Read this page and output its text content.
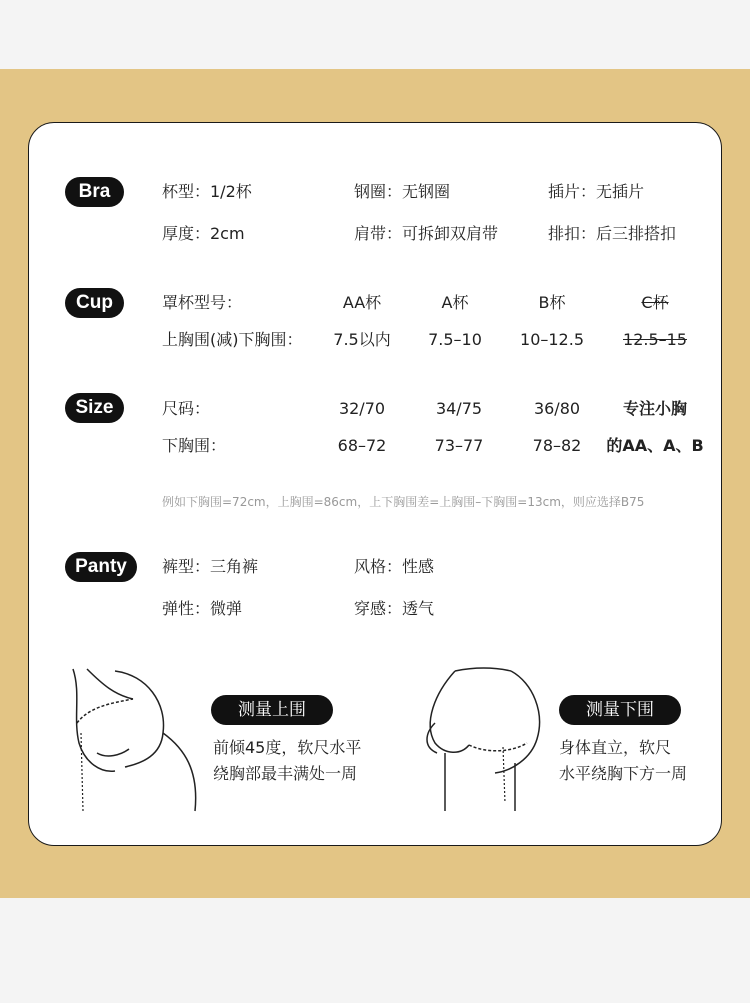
Bra	杯型：1/2杯	钢圈：无钢圈	插片：无插片
厚度：2cm	肩带：可拆卸双肩带	排扣：后三排搭扣
Cup	罩杯型号：	AA杯	A杯	B杯	C杯
上胸围(减)下胸围： 7.5以内 7.5–10 10–12.5 12.5–15
Size	尺码：	32/70	34/75	36/80	专注小胸
下胸围：	68–72	73–77	78–82 的AA、A、B
例如下胸围=72cm，上胸围=86cm，上下胸围差=上胸围–下胸围=13cm，则应选择B75
Panty	裤型：三角裤	风格：性感
弹性：微弹	穿感：透气
测量上围
前倾45度，软尺水平
绕胸部最丰满处一周
测量下围
身体直立，软尺
水平绕胸下方一周
